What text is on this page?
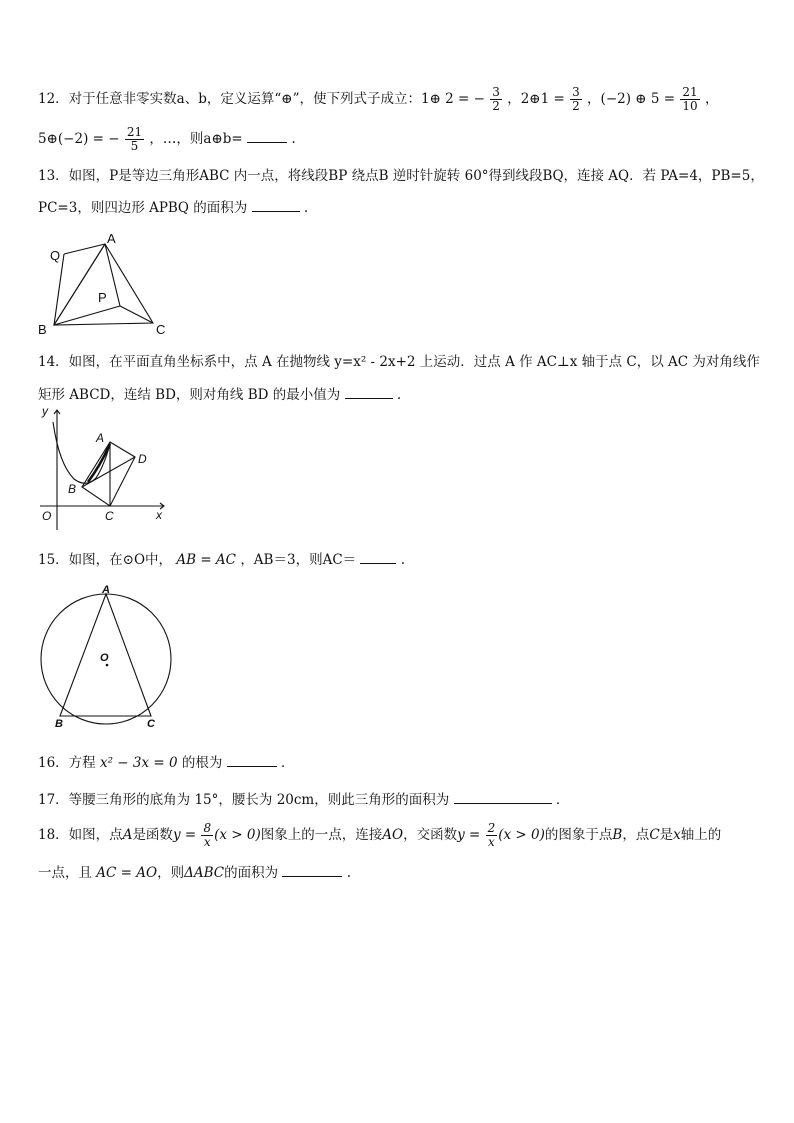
12．对于任意非零实数a、b，定义运算“⊕”，使下列式子成立：1⊕ 2 = − $\frac{3}{2}$ ，2⊕1 = $\frac{3}{2}$ ，(−2) ⊕ $5 = \frac{21}{10}$ ，
5⊕(−2) = − $\frac{21}{5}$ ，…，则a⊕b=	.
13．如图，P是等边三角形ABC 内一点，将线段BP 绕点B 逆时针旋转 60°得到线段BQ，连接 AQ．若 PA=4，PB=5，
PC=3，则四边形 APBQ 的面积为	.
Q
A
P
B	C
14．如图，在平面直角坐标系中，点 A 在抛物线 y=x² ‑ 2x+2 上运动．过点 A 作 AC⊥x 轴于点 C，以 AC 为对角线作
矩形 ABCD，连结 BD，则对角线 BD 的最小值为	.
y
A
D
B
O	C	x
15．如图，在⊙O中， AB = AC ，AB＝3，则AC＝	.
A
O
B	C
16．方程 x² − 3x = 0 的根为	．
17．等腰三角形的底角为 15°，腰长为 20cm，则此三角形的面积为	．
18．如图，点A是函数$y = \frac{8}{x} (x > 0)$图象上的一点，连接AO，交函数$y = \frac{2}{x} (x > 0)$的图象于点B，点C是x轴上的
一点，且 AC = AO，则ΔABC的面积为	.
